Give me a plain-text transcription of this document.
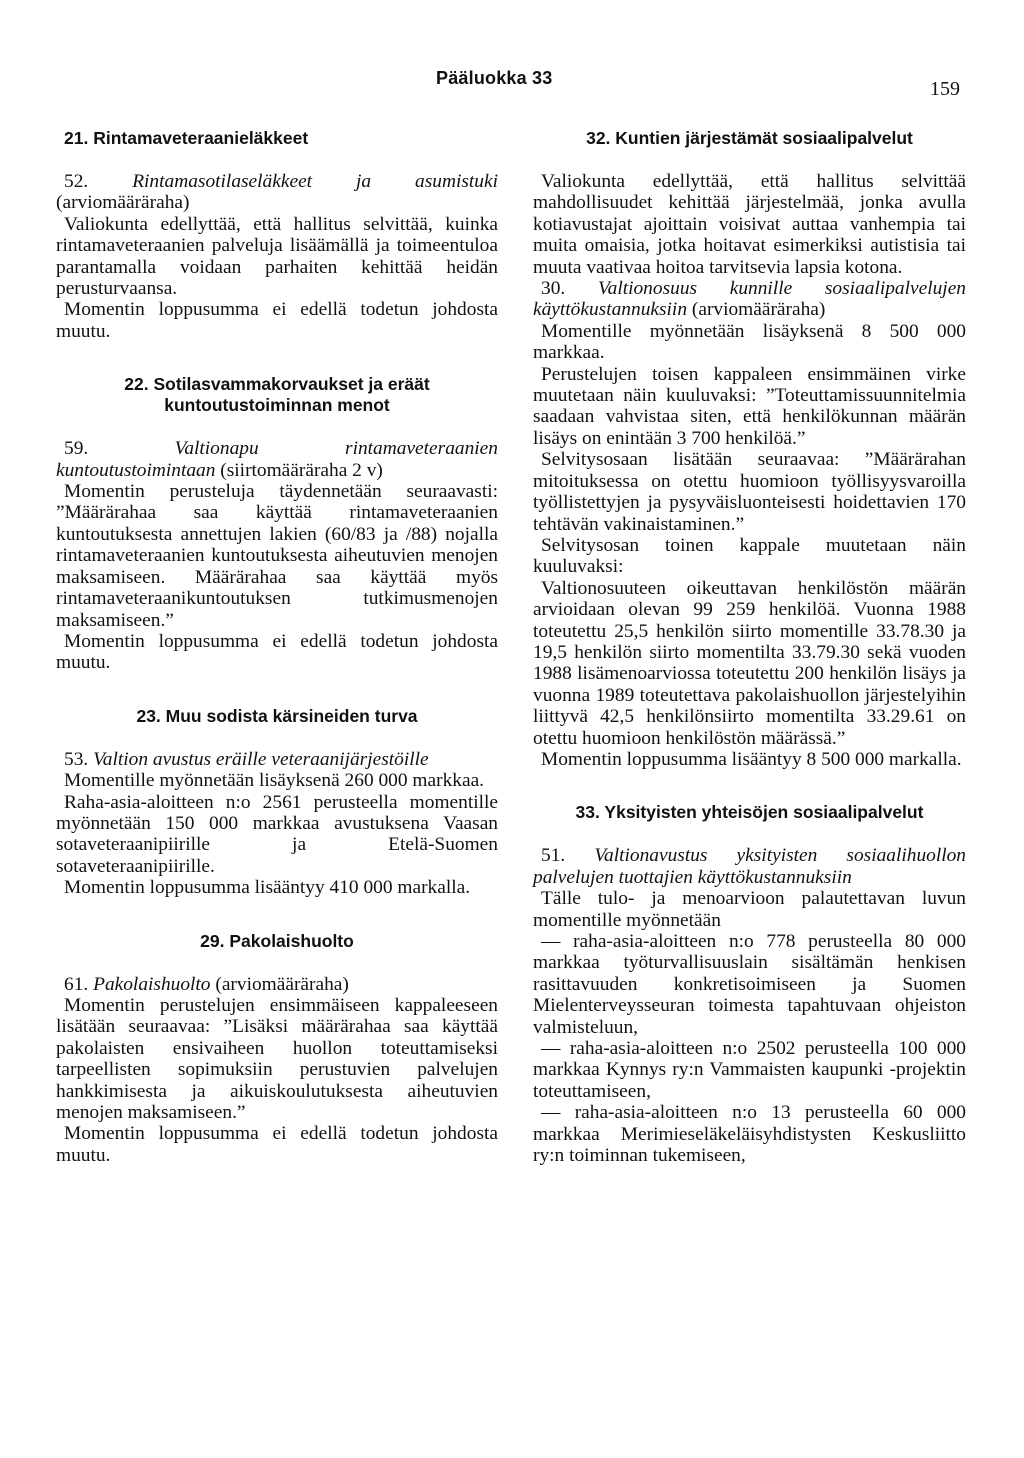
Pääluokka 33	159
21. Rintamaveteraanieläkkeet

52. Rintamasotilaseläkkeet ja asumistuki (arviomääräraha)

Valiokunta edellyttää, että hallitus selvittää, kuinka rintamaveteraanien palveluja lisäämällä ja toimeentuloa parantamalla voidaan parhaiten kehittää heidän perusturvaansa.

Momentin loppusumma ei edellä todetun johdosta muutu.

22. Sotilasvammakorvaukset ja eräät kuntoutustoiminnan menot

59. Valtionapu rintamaveteraanien kuntoutustoimintaan (siirtomääräraha 2 v)

Momentin perusteluja täydennetään seuraavasti: ”Määrärahaa saa käyttää rintamaveteraanien kuntoutuksesta annettujen lakien (60/83 ja /88) nojalla rintamaveteraanien kuntoutuksesta aiheutuvien menojen maksamiseen. Määrärahaa saa käyttää myös rintamaveteraanikuntoutuksen tutkimusmenojen maksamiseen.”

Momentin loppusumma ei edellä todetun johdosta muutu.

23. Muu sodista kärsineiden turva

53. Valtion avustus eräille veteraanijärjestöille

Momentille myönnetään lisäyksenä 260 000 markkaa.

Raha-asia-aloitteen n:o 2561 perusteella momentille myönnetään 150 000 markkaa avustuksena Vaasan sotaveteraanipiirille ja Etelä-Suomen sotaveteraanipiirille.

Momentin loppusumma lisääntyy 410 000 markalla.

29. Pakolaishuolto

61. Pakolaishuolto (arviomääräraha)

Momentin perustelujen ensimmäiseen kappaleeseen lisätään seuraavaa: ”Lisäksi määrärahaa saa käyttää pakolaisten ensivaiheen huollon toteuttamiseksi tarpeellisten sopimuksiin perustuvien palvelujen hankkimisesta ja aikuiskoulutuksesta aiheutuvien menojen maksamiseen.”

Momentin loppusumma ei edellä todetun johdosta muutu.

32. Kuntien järjestämät sosiaalipalvelut

Valiokunta edellyttää, että hallitus selvittää mahdollisuudet kehittää järjestelmää, jonka avulla kotiavustajat ajoittain voisivat auttaa vanhempia tai muita omaisia, jotka hoitavat esimerkiksi autistisia tai muuta vaativaa hoitoa tarvitsevia lapsia kotona.

30. Valtionosuus kunnille sosiaalipalvelujen käyttökustannuksiin (arviomääräraha)

Momentille myönnetään lisäyksenä 8 500 000 markkaa.

Perustelujen toisen kappaleen ensimmäinen virke muutetaan näin kuuluvaksi: ”Toteuttamissuunnitelmia saadaan vahvistaa siten, että henkilökunnan määrän lisäys on enintään 3 700 henkilöä.”

Selvitysosaan lisätään seuraavaa: ”Määrärahan mitoituksessa on otettu huomioon työllisyysvaroilla työllistettyjen ja pysyväisluonteisesti hoidettavien 170 tehtävän vakinaistaminen.”

Selvitysosan toinen kappale muutetaan näin kuuluvaksi:

Valtionosuuteen oikeuttavan henkilöstön määrän arvioidaan olevan 99 259 henkilöä. Vuonna 1988 toteutettu 25,5 henkilön siirto momentille 33.78.30 ja 19,5 henkilön siirto momentilta 33.79.30 sekä vuoden 1988 lisämenoarviossa toteutettu 200 henkilön lisäys ja vuonna 1989 toteutettava pakolaishuollon järjestelyihin liittyvä 42,5 henkilönsiirto momentilta 33.29.61 on otettu huomioon henkilöstön määrässä.”

Momentin loppusumma lisääntyy 8 500 000 markalla.

33. Yksityisten yhteisöjen sosiaalipalvelut

51. Valtionavustus yksityisten sosiaalihuollon palvelujen tuottajien käyttökustannuksiin

Tälle tulo- ja menoarvioon palautettavan luvun momentille myönnetään

— raha-asia-aloitteen n:o 778 perusteella 80 000 markkaa työturvallisuuslain sisältämän henkisen rasittavuuden konkretisoimiseen ja Suomen Mielenterveysseuran toimesta tapahtuvaan ohjeiston valmisteluun,

— raha-asia-aloitteen n:o 2502 perusteella 100 000 markkaa Kynnys ry:n Vammaisten kaupunki -projektin toteuttamiseen,

— raha-asia-aloitteen n:o 13 perusteella 60 000 markkaa Merimieseläkeläisyhdistysten Keskusliitto ry:n toiminnan tukemiseen,
